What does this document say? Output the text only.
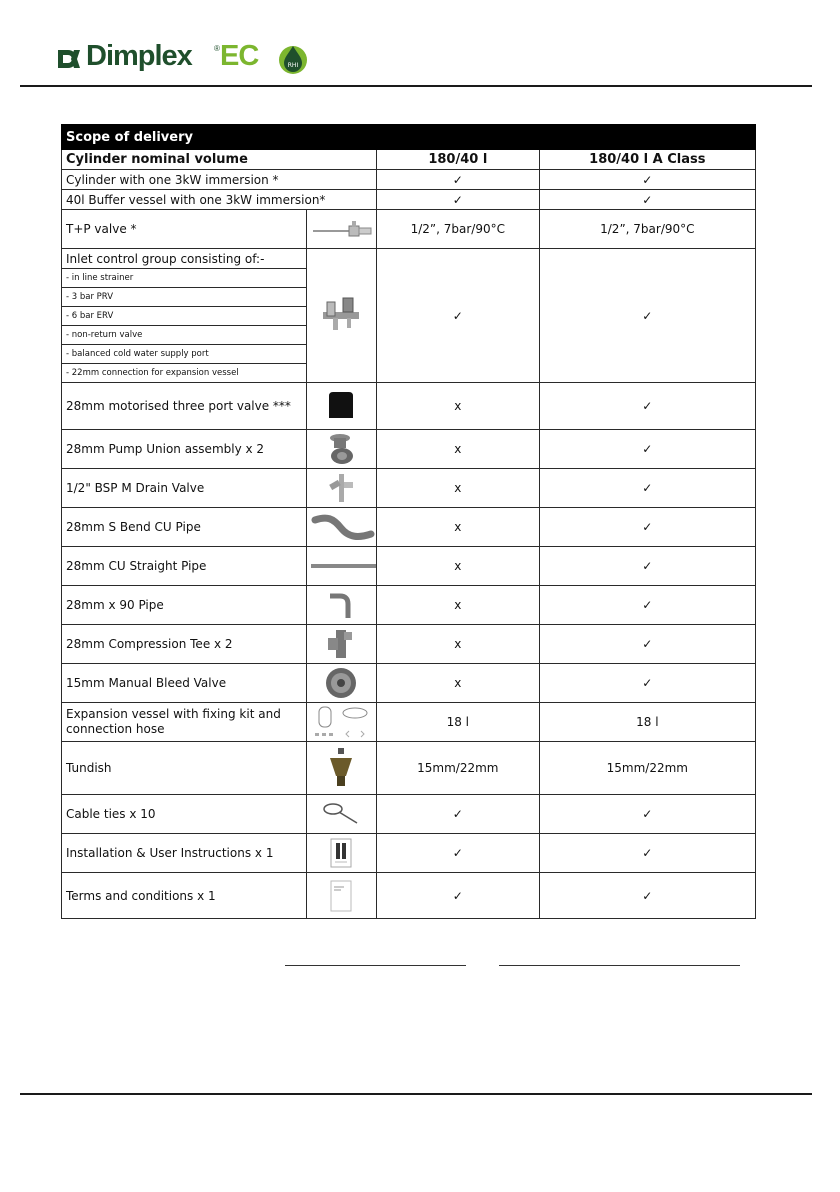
Dimplex	® EC	RHI
Scope of delivery			
Cylinder nominal volume		180/40 l	180/40 l A Class
Cylinder with one 3kW immersion *		✓	✓
40l Buffer vessel with one 3kW immersion*		✓	✓
T+P valve *		1/2”, 7bar/90°C	1/2”, 7bar/90°C
Inlet control group consisting of:-		✓	✓
- in line strainer			
- 3 bar PRV			
- 6 bar ERV			
- non-return valve			
- balanced cold water supply port			
- 22mm connection for expansion vessel			
28mm motorised three port valve ***		x	✓
28mm Pump Union assembly x 2		x	✓
1/2" BSP M Drain Valve		x	✓
28mm S Bend CU Pipe		x	✓
28mm CU Straight Pipe		x	✓
28mm x 90 Pipe		x	✓
28mm Compression Tee x 2		x	✓
15mm Manual Bleed Valve		x	✓

Expansion vessel with fixing kit and
connection hose		18 l	18 l
Tundish		15mm/22mm	15mm/22mm
Cable ties x 10		✓	✓
Installation & User Instructions x 1		✓	✓
Terms and conditions x 1		✓	✓
